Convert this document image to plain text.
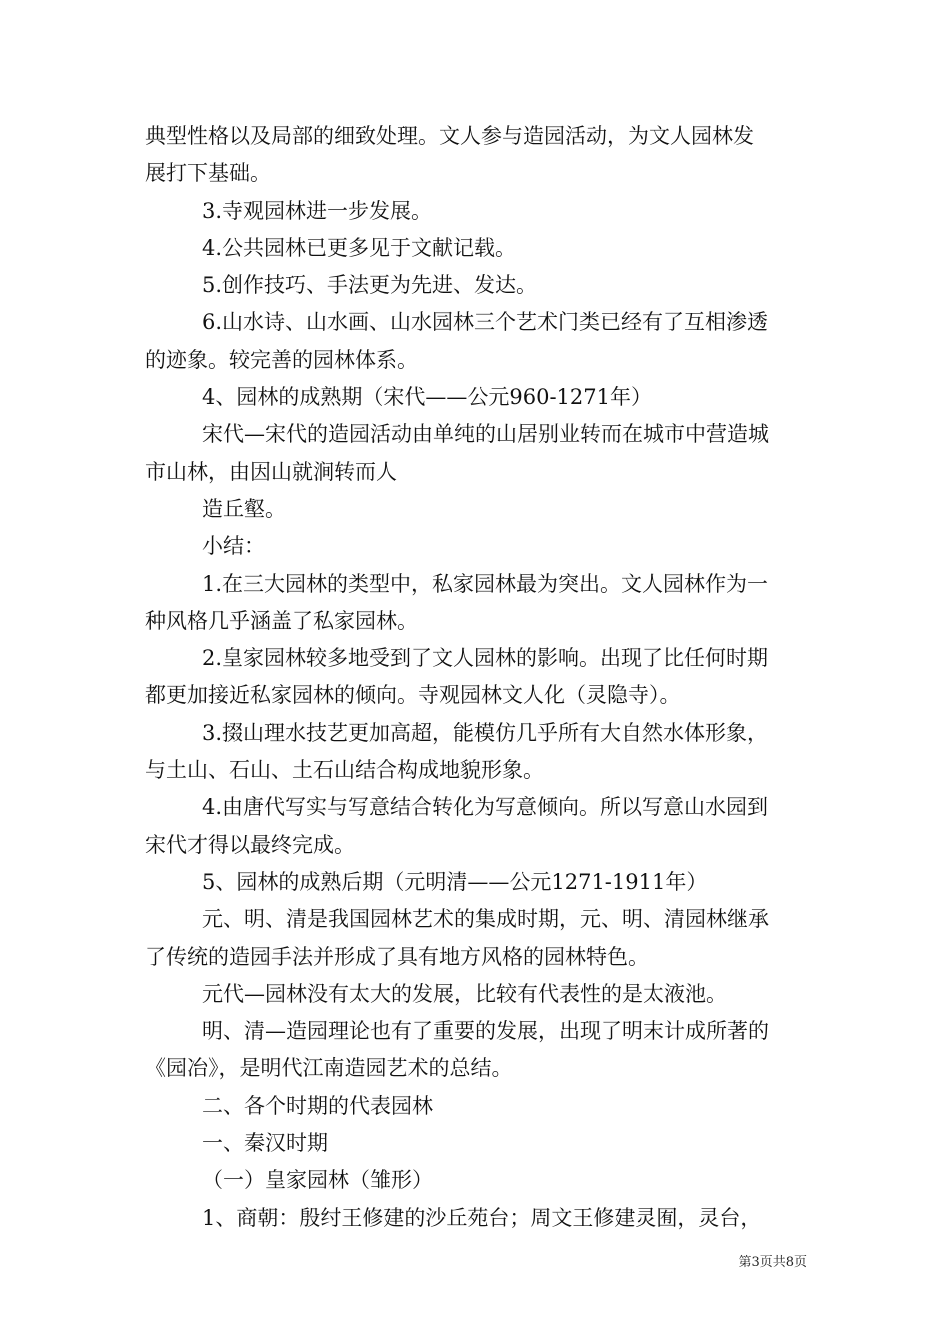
典型性格以及局部的细致处理。文人参与造园活动，为文人园林发
展打下基础。
3.寺观园林进一步发展。
4.公共园林已更多见于文献记载。
5.创作技巧、手法更为先进、发达。
6.山水诗、山水画、山水园林三个艺术门类已经有了互相渗透
的迹象。较完善的园林体系。
4、园林的成熟期（宋代——公元960-1271年）
宋代—宋代的造园活动由单纯的山居别业转而在城市中营造城
市山林，由因山就涧转而人
造丘壑。
小结：
1.在三大园林的类型中，私家园林最为突出。文人园林作为一
种风格几乎涵盖了私家园林。
2.皇家园林较多地受到了文人园林的影响。出现了比任何时期
都更加接近私家园林的倾向。寺观园林文人化（灵隐寺）。
3.掇山理水技艺更加高超，能模仿几乎所有大自然水体形象，
与土山、石山、土石山结合构成地貌形象。
4.由唐代写实与写意结合转化为写意倾向。所以写意山水园到
宋代才得以最终完成。
5、园林的成熟后期（元明清——公元1271-1911年）
元、明、清是我国园林艺术的集成时期，元、明、清园林继承
了传统的造园手法并形成了具有地方风格的园林特色。
元代—园林没有太大的发展，比较有代表性的是太液池。
明、清—造园理论也有了重要的发展，出现了明末计成所著的
《园冶》，是明代江南造园艺术的总结。
二、各个时期的代表园林
一、秦汉时期
（一）皇家园林（雏形）
1、商朝：殷纣王修建的沙丘苑台；周文王修建灵囿，灵台，
第3页共8页
